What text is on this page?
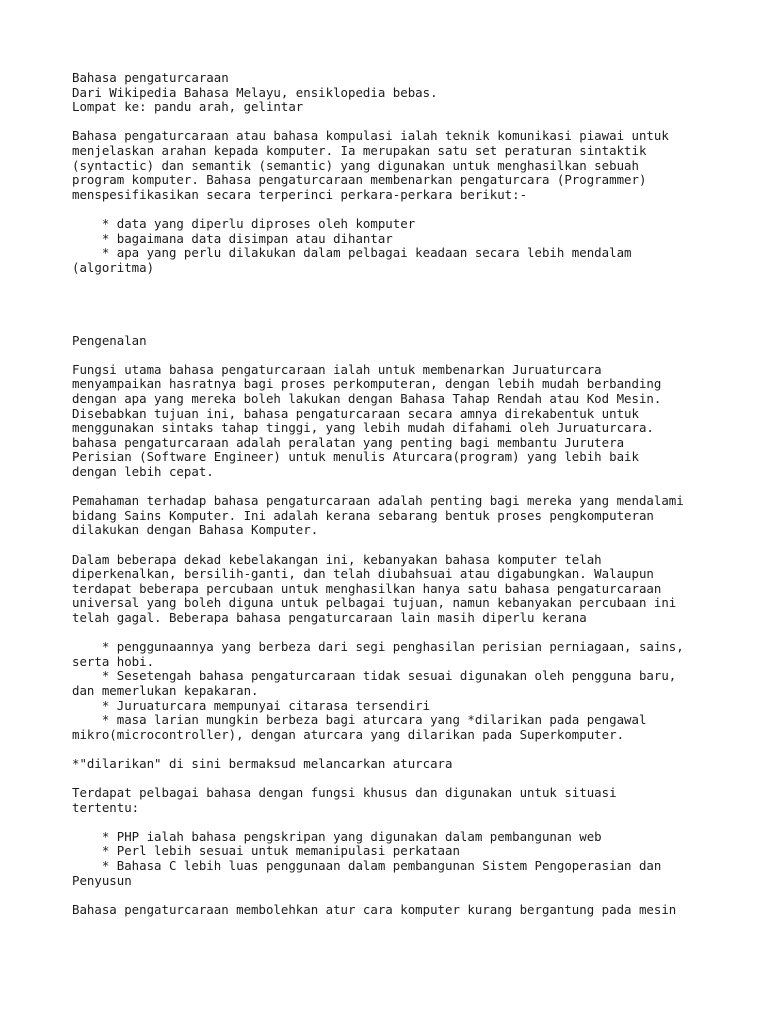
Bahasa pengaturcaraan
Dari Wikipedia Bahasa Melayu, ensiklopedia bebas.
Lompat ke: pandu arah, gelintar
Bahasa pengaturcaraan atau bahasa kompulasi ialah teknik komunikasi piawai untuk
menjelaskan arahan kepada komputer. Ia merupakan satu set peraturan sintaktik
(syntactic) dan semantik (semantic) yang digunakan untuk menghasilkan sebuah
program komputer. Bahasa pengaturcaraan membenarkan pengaturcara (Programmer)
menspesifikasikan secara terperinci perkara-perkara berikut:-
* data yang diperlu diproses oleh komputer
* bagaimana data disimpan atau dihantar
* apa yang perlu dilakukan dalam pelbagai keadaan secara lebih mendalam
(algoritma)
Pengenalan
Fungsi utama bahasa pengaturcaraan ialah untuk membenarkan Juruaturcara
menyampaikan hasratnya bagi proses perkomputeran, dengan lebih mudah berbanding
dengan apa yang mereka boleh lakukan dengan Bahasa Tahap Rendah atau Kod Mesin.
Disebabkan tujuan ini, bahasa pengaturcaraan secara amnya direkabentuk untuk
menggunakan sintaks tahap tinggi, yang lebih mudah difahami oleh Juruaturcara.
bahasa pengaturcaraan adalah peralatan yang penting bagi membantu Jurutera
Perisian (Software Engineer) untuk menulis Aturcara(program) yang lebih baik
dengan lebih cepat.
Pemahaman terhadap bahasa pengaturcaraan adalah penting bagi mereka yang mendalami
bidang Sains Komputer. Ini adalah kerana sebarang bentuk proses pengkomputeran
dilakukan dengan Bahasa Komputer.
Dalam beberapa dekad kebelakangan ini, kebanyakan bahasa komputer telah
diperkenalkan, bersilih-ganti, dan telah diubahsuai atau digabungkan. Walaupun
terdapat beberapa percubaan untuk menghasilkan hanya satu bahasa pengaturcaraan
universal yang boleh diguna untuk pelbagai tujuan, namun kebanyakan percubaan ini
telah gagal. Beberapa bahasa pengaturcaraan lain masih diperlu kerana
* penggunaannya yang berbeza dari segi penghasilan perisian perniagaan, sains,
serta hobi.
* Sesetengah bahasa pengaturcaraan tidak sesuai digunakan oleh pengguna baru,
dan memerlukan kepakaran.
* Juruaturcara mempunyai citarasa tersendiri
* masa larian mungkin berbeza bagi aturcara yang *dilarikan pada pengawal
mikro(microcontroller), dengan aturcara yang dilarikan pada Superkomputer.
*"dilarikan" di sini bermaksud melancarkan aturcara
Terdapat pelbagai bahasa dengan fungsi khusus dan digunakan untuk situasi
tertentu:
* PHP ialah bahasa pengskripan yang digunakan dalam pembangunan web
* Perl lebih sesuai untuk memanipulasi perkataan
* Bahasa C lebih luas penggunaan dalam pembangunan Sistem Pengoperasian dan
Penyusun
Bahasa pengaturcaraan membolehkan atur cara komputer kurang bergantung pada mesin
